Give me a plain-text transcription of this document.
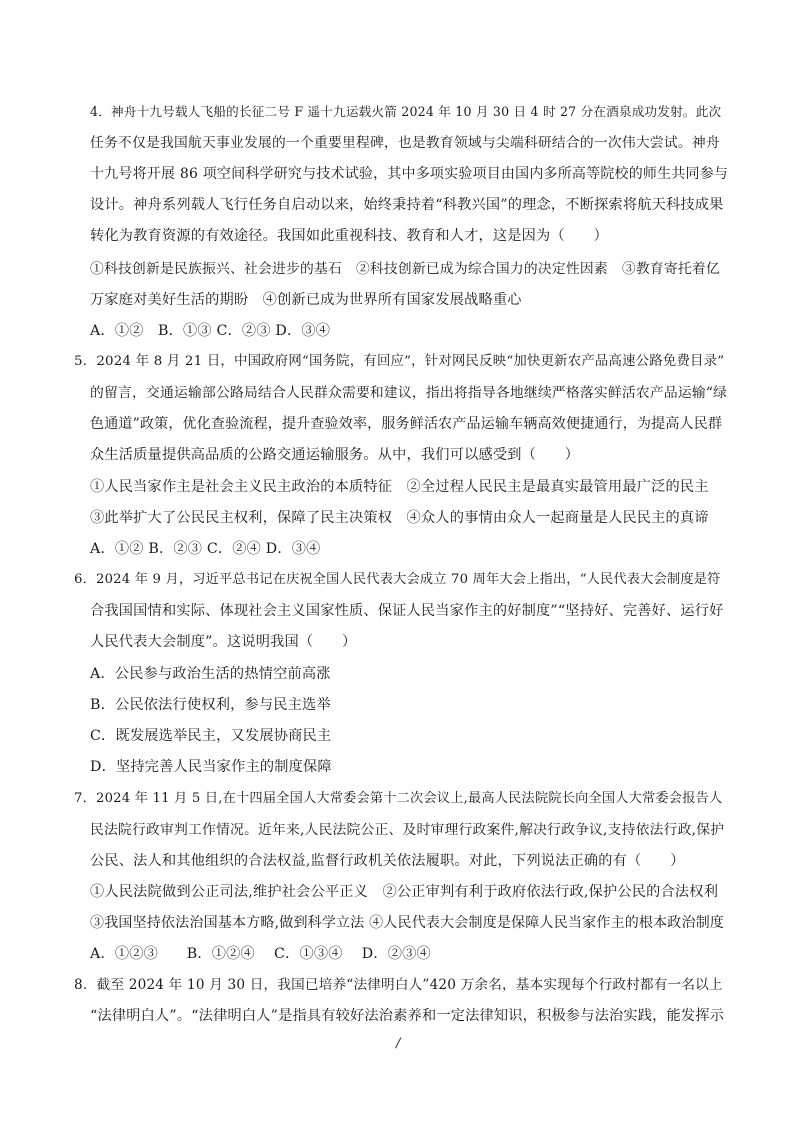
4．神舟十九号载人飞船的长征二号 F 遥十九运载火箭 2024 年 10 月 30 日 4 时 27 分在酒泉成功发射。此次
任务不仅是我国航天事业发展的一个重要里程碑，也是教育领域与尖端科研结合的一次伟大尝试。神舟
十九号将开展 86 项空间科学研究与技术试验，其中多项实验项目由国内多所高等院校的师生共同参与
设计。神舟系列载人飞行任务自启动以来，始终秉持着“科教兴国”的理念，不断探索将航天科技成果
转化为教育资源的有效途径。我国如此重视科技、教育和人才，这是因为（　　）
①科技创新是民族振兴、社会进步的基石　②科技创新已成为综合国力的决定性因素　③教育寄托着亿
万家庭对美好生活的期盼　④创新已成为世界所有国家发展战略重心
A．①②　B．①③ C．②③ D．③④
5．2024 年 8 月 21 日，中国政府网“国务院，有回应”，针对网民反映“加快更新农产品高速公路免费目录”
的留言，交通运输部公路局结合人民群众需要和建议，指出将指导各地继续严格落实鲜活农产品运输“绿
色通道”政策，优化查验流程，提升查验效率，服务鲜活农产品运输车辆高效便捷通行，为提高人民群
众生活质量提供高品质的公路交通运输服务。从中，我们可以感受到（　　）
①人民当家作主是社会主义民主政治的本质特征　②全过程人民民主是最真实最管用最广泛的民主
③此举扩大了公民民主权利，保障了民主决策权　④众人的事情由众人一起商量是人民民主的真谛
A．①② B．②③ C．②④ D．③④
6．2024 年 9 月，习近平总书记在庆祝全国人民代表大会成立 70 周年大会上指出，“人民代表大会制度是符
合我国国情和实际、体现社会主义国家性质、保证人民当家作主的好制度”“坚持好、完善好、运行好
人民代表大会制度”。这说明我国（　　）
A．公民参与政治生活的热情空前高涨
B．公民依法行使权利，参与民主选举
C．既发展选举民主，又发展协商民主
D．坚持完善人民当家作主的制度保障
7．2024 年 11 月 5 日,在十四届全国人大常委会第十二次会议上,最高人民法院院长向全国人大常委会报告人
民法院行政审判工作情况。近年来,人民法院公正、及时审理行政案件,解决行政争议,支持依法行政,保护
公民、法人和其他组织的合法权益,监督行政机关依法履职。对此，下列说法正确的有（　　）
①人民法院做到公正司法,维护社会公平正义　②公正审判有利于政府依法行政,保护公民的合法权利
③我国坚持依法治国基本方略,做到科学立法 ④人民代表大会制度是保障人民当家作主的根本政治制度
A．①②③　　B．①②④　 C．①③④　 D．②③④
8．截至 2024 年 10 月 30 日，我国已培养“法律明白人”420 万余名，基本实现每个行政村都有一名以上
“法律明白人”。“法律明白人”是指具有较好法治素养和一定法律知识，积极参与法治实践，能发挥示
/
